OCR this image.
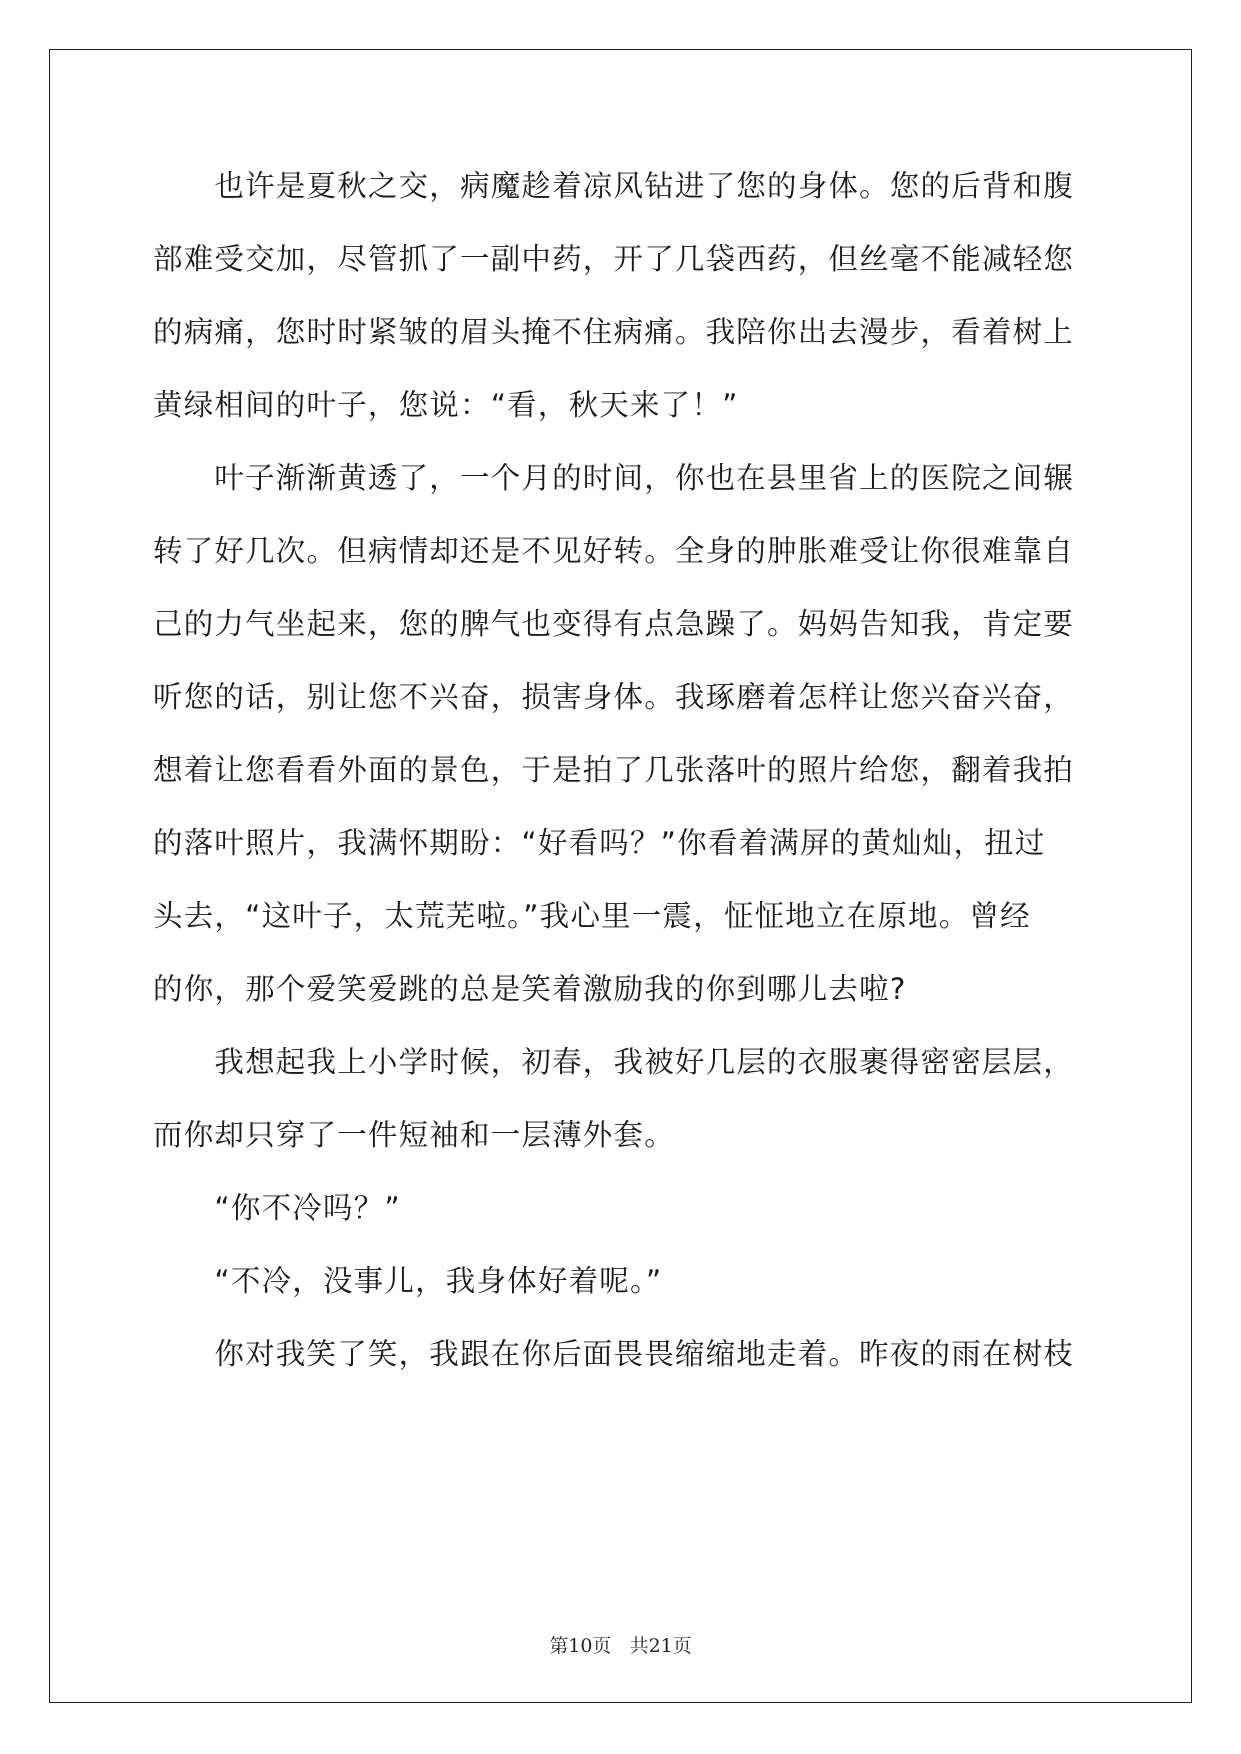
　　也许是夏秋之交，病魔趁着凉风钻进了您的身体。您的后背和腹
部难受交加，尽管抓了一副中药，开了几袋西药，但丝毫不能减轻您
的病痛，您时时紧皱的眉头掩不住病痛。我陪你出去漫步，看着树上
黄绿相间的叶子，您说：“看，秋天来了！”
　　叶子渐渐黄透了，一个月的时间，你也在县里省上的医院之间辗
转了好几次。但病情却还是不见好转。全身的肿胀难受让你很难靠自
己的力气坐起来，您的脾气也变得有点急躁了。妈妈告知我，肯定要
听您的话，别让您不兴奋，损害身体。我琢磨着怎样让您兴奋兴奋，
想着让您看看外面的景色，于是拍了几张落叶的照片给您，翻着我拍
的落叶照片，我满怀期盼：“好看吗？”你看着满屏的黄灿灿，扭过
头去，“这叶子，太荒芜啦。”我心里一震，怔怔地立在原地。曾经
的你，那个爱笑爱跳的总是笑着激励我的你到哪儿去啦?
　　我想起我上小学时候，初春，我被好几层的衣服裹得密密层层，
而你却只穿了一件短袖和一层薄外套。
　　“你不冷吗？”
　　“不冷，没事儿，我身体好着呢。”
　　你对我笑了笑，我跟在你后面畏畏缩缩地走着。昨夜的雨在树枝
第10页 共21页
